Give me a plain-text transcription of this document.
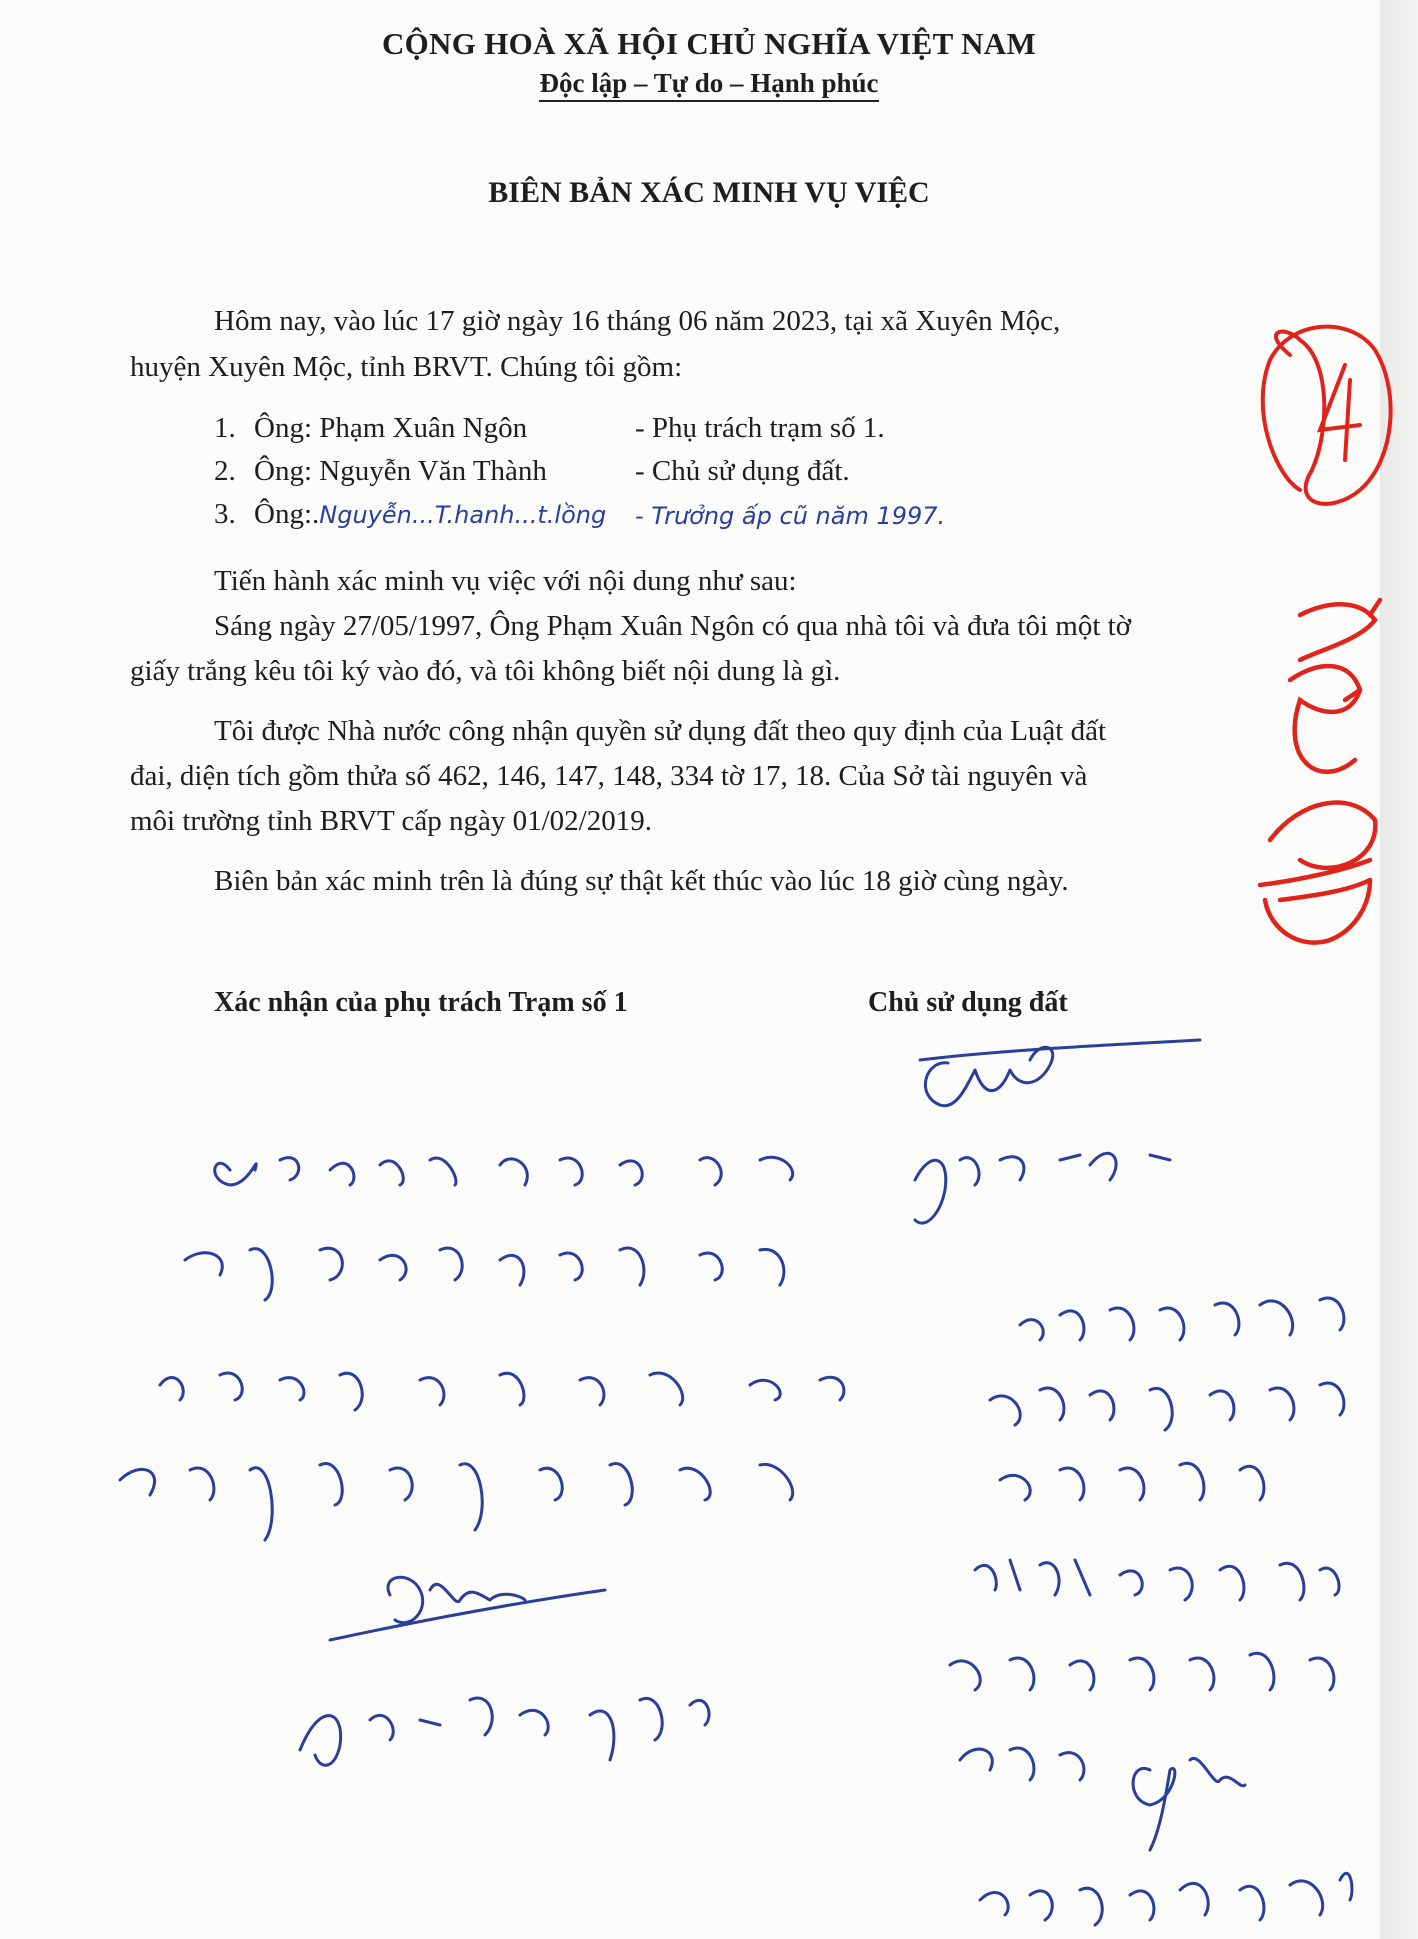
CỘNG HOÀ XÃ HỘI CHỦ NGHĨA VIỆT NAM
Độc lập – Tự do – Hạnh phúc
BIÊN BẢN XÁC MINH VỤ VIỆC
Hôm nay, vào lúc 17 giờ ngày 16 tháng 06 năm 2023, tại xã Xuyên Mộc,
huyện Xuyên Mộc, tỉnh BRVT. Chúng tôi gồm:
1. Ông: Phạm Xuân Ngôn	- Phụ trách trạm số 1.
2. Ông: Nguyễn Văn Thành	- Chủ sử dụng đất.
3. Ông:.Nguyễn...T.hanh...t.lồng - Trưởng ấp cũ năm 1997.
Tiến hành xác minh vụ việc với nội dung như sau:
Sáng ngày 27/05/1997, Ông Phạm Xuân Ngôn có qua nhà tôi và đưa tôi một tờ
giấy trắng kêu tôi ký vào đó, và tôi không biết nội dung là gì.
Tôi được Nhà nước công nhận quyền sử dụng đất theo quy định của Luật đất
đai, diện tích gồm thửa số 462, 146, 147, 148, 334 tờ 17, 18. Của Sở tài nguyên và
môi trường tỉnh BRVT cấp ngày 01/02/2019.
Biên bản xác minh trên là đúng sự thật kết thúc vào lúc 18 giờ cùng ngày.
Xác nhận của phụ trách Trạm số 1	Chủ sử dụng đất
